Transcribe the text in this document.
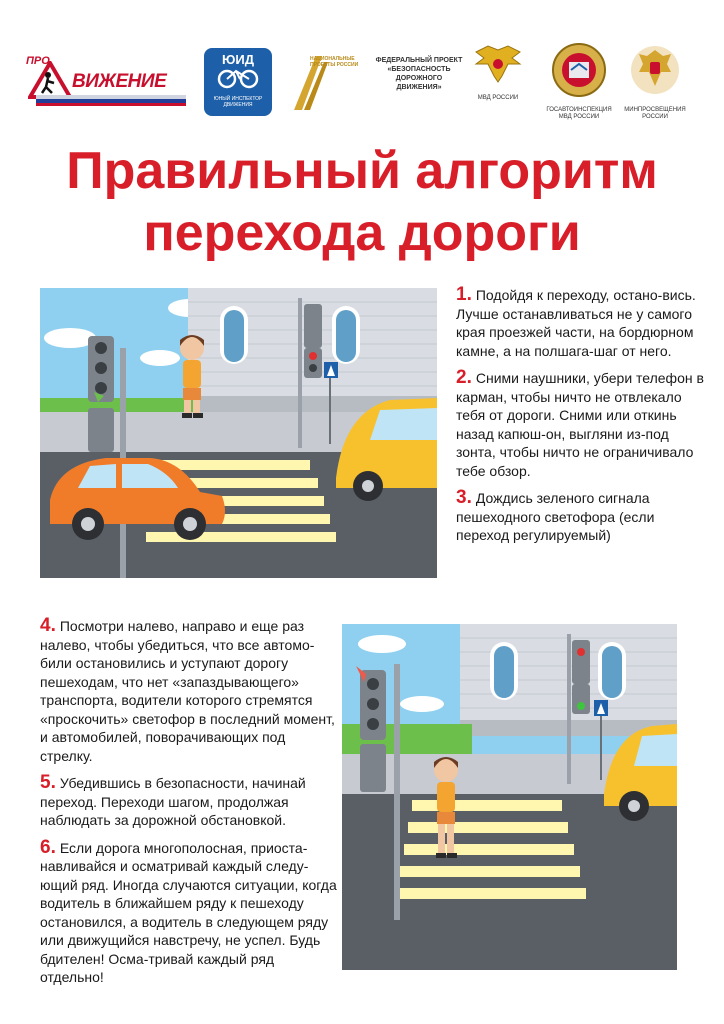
ПРО
ВИЖЕНИЕ
ЮИД
ЮНЫЙ ИНСПЕКТОР ДВИЖЕНИЯ
НАЦИОНАЛЬНЫЕ ПРОЕКТЫ РОССИИ
ФЕДЕРАЛЬНЫЙ ПРОЕКТ «БЕЗОПАСНОСТЬ ДОРОЖНОГО ДВИЖЕНИЯ»
МВД РОССИИ
ГОСАВТОИНСПЕКЦИЯ МВД РОССИИ
МИНПРОСВЕЩЕНИЯ РОССИИ
Правильный алгоритм
перехода дороги
1. Подойдя к переходу, остано-вись. Лучше останавливаться не у самого края проезжей части, на бордюрном камне, а на полшага-шаг от него.
2. Сними наушники, убери телефон в карман, чтобы ничто не отвлекало тебя от дороги. Сними или откинь назад капюш-он, выгляни из-под зонта, чтобы ничто не ограничивало тебе обзор.
3. Дождись зеленого сигнала пешеходного светофора (если переход регулируемый)
4. Посмотри налево, направо и еще раз налево, чтобы убедиться, что все автомо-били остановились и уступают дорогу пешеходам, что нет «запаздывающего» транспорта, водители которого стремятся «проскочить» светофор в последний момент, и автомобилей, поворачивающих под стрелку.
5. Убедившись в безопасности, начинай переход. Переходи шагом, продолжая наблюдать за дорожной обстановкой.
6. Если дорога многополосная, приоста-навливайся и осматривай каждый следу-ющий ряд. Иногда случаются ситуации, когда водитель в ближайшем ряду к пешеходу остановился, а водитель в следующем ряду или движущийся навстречу, не успел. Будь бдителен! Осма-тривай каждый ряд отдельно!
